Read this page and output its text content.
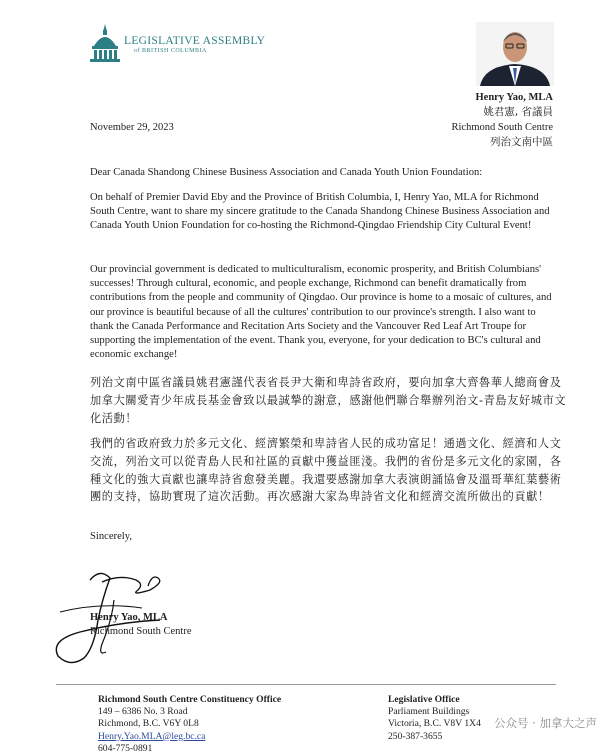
LEGISLATIVE ASSEMBLY
of BRITISH COLUMBIA
Henry Yao, MLA
姚君憲, 省議員
Richmond South Centre
列治文南中區
November 29, 2023
Dear Canada Shandong Chinese Business Association and Canada Youth Union Foundation:
On behalf of Premier David Eby and the Province of British Columbia, I, Henry Yao, MLA for Richmond South Centre, want to share my sincere gratitude to the Canada Shandong Chinese Business Association and Canada Youth Union Foundation for co-hosting the Richmond-Qingdao Friendship City Cultural Event!
Our provincial government is dedicated to multiculturalism, economic prosperity, and British Columbians' successes! Through cultural, economic, and people exchange, Richmond can benefit dramatically from contributions from the people and community of Qingdao. Our province is home to a mosaic of cultures, and our province is beautiful because of all the cultures' contribution to our province's strength. I also want to thank the Canada Performance and Recitation Arts Society and the Vancouver Red Leaf Art Troupe for supporting the implementation of the event. Thank you, everyone, for your dedication to BC's cultural and economic exchange!
列治文南中區省議員姚君憲謹代表省長尹大衛和卑詩省政府，要向加拿大齊魯華人總商會及加拿大關愛青少年成長基金會致以最誠摯的謝意，感謝他們聯合舉辦列治文-青島友好城市文化活動！
我們的省政府致力於多元文化、經濟繁榮和卑詩省人民的成功富足！通過文化、經濟和人文交流，列治文可以從青島人民和社區的貢獻中獲益匪淺。我們的省份是多元文化的家園，各種文化的強大貢獻也讓卑詩省愈發美麗。我還要感謝加拿大表演朗誦協會及溫哥華紅葉藝術團的支持，協助實現了這次活動。再次感謝大家為卑詩省文化和經濟交流所做出的貢獻！
Sincerely,
Henry Yao, MLA
Richmond South Centre
Richmond South Centre Constituency Office
149 – 6386 No. 3 Road
Richmond, B.C. V6Y 0L8
Henry.Yao.MLA@leg.bc.ca
604-775-0891
Legislative Office
Parliament Buildings
Victoria, B.C. V8V 1X4
250-387-3655
公众号 · 加拿大之声
